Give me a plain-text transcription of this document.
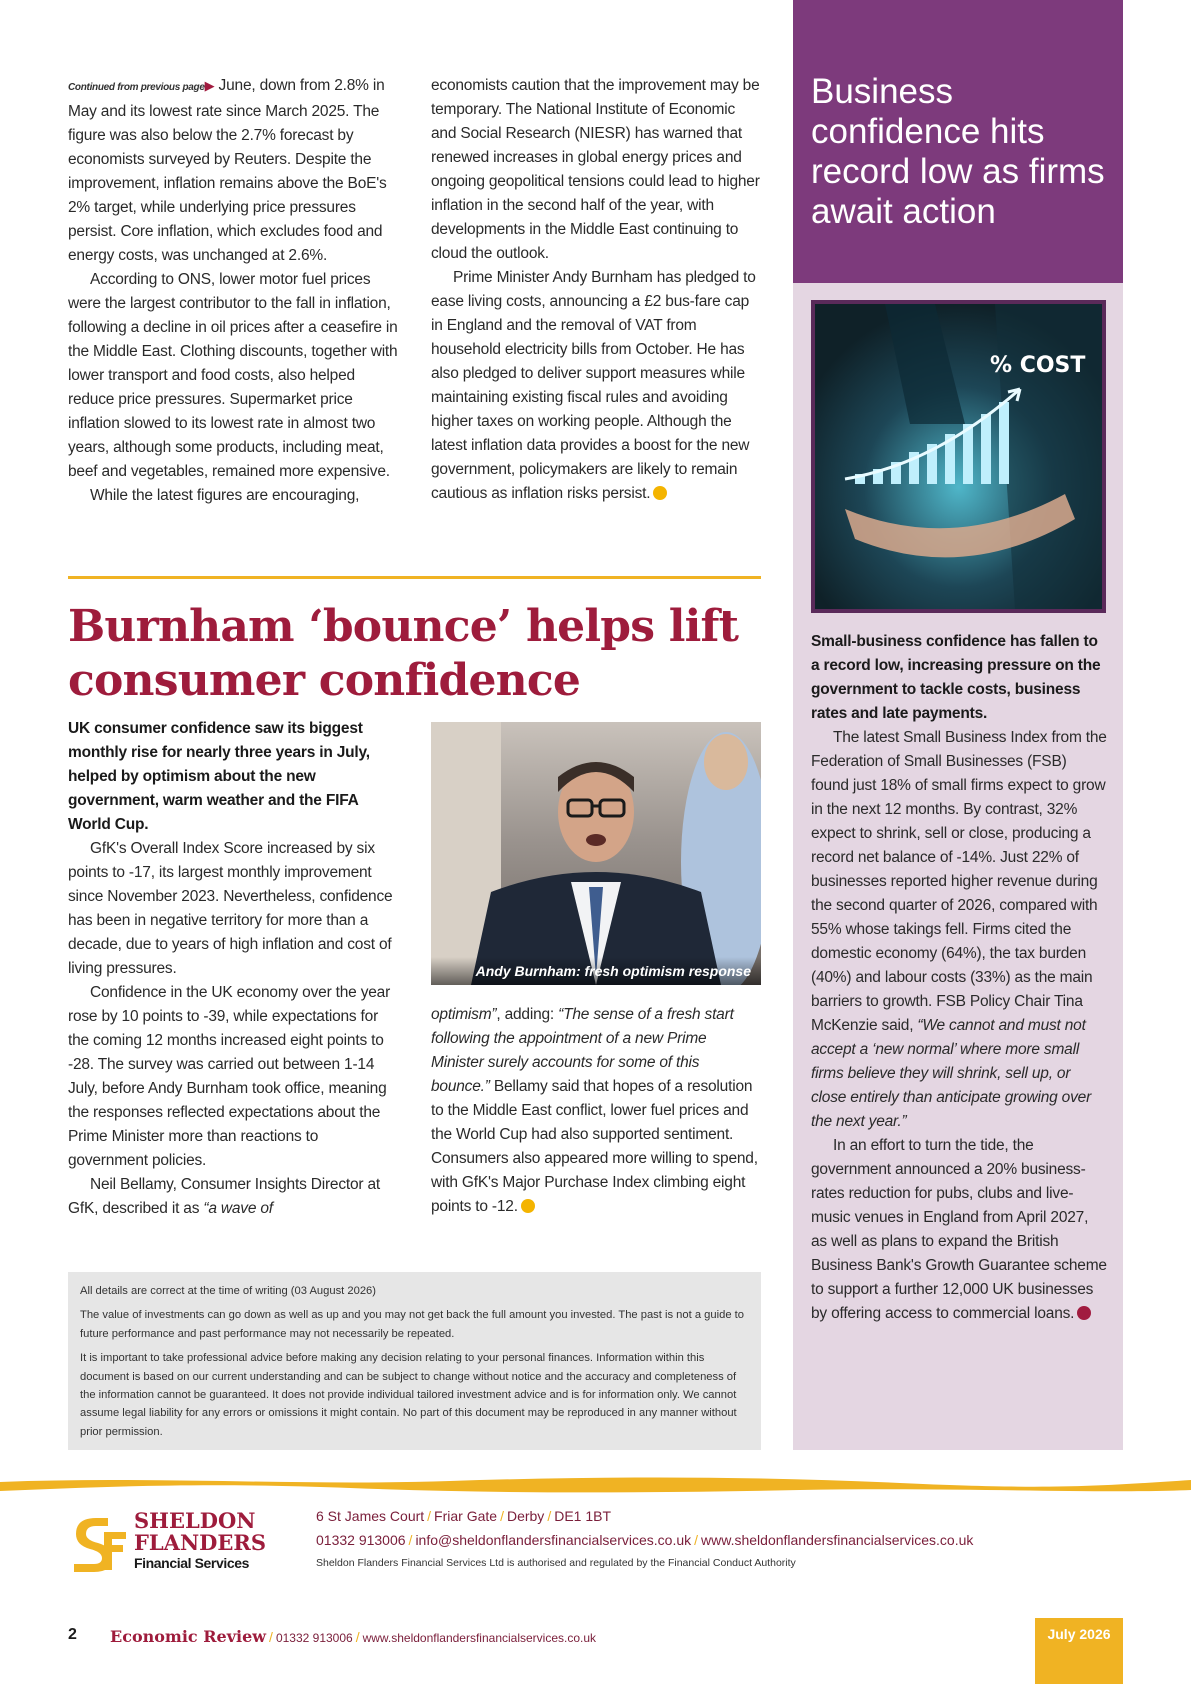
Business confidence hits record low as firms await action
% COST

Small-business confidence has fallen to a record low, increasing pressure on the government to tackle costs, business rates and late payments.

The latest Small Business Index from the Federation of Small Businesses (FSB) found just 18% of small firms expect to grow in the next 12 months. By contrast, 32% expect to shrink, sell or close, producing a record net balance of -14%. Just 22% of businesses reported higher revenue during the second quarter of 2026, compared with 55% whose takings fell. Firms cited the domestic economy (64%), the tax burden (40%) and labour costs (33%) as the main barriers to growth. FSB Policy Chair Tina McKenzie said, “We cannot and must not accept a ‘new normal’ where more small firms believe they will shrink, sell up, or close entirely than anticipate growing over the next year.”

In an effort to turn the tide, the government announced a 20% business-rates reduction for pubs, clubs and live-music venues in England from April 2027, as well as plans to expand the British Business Bank's Growth Guarantee scheme to support a further 12,000 UK businesses by offering access to commercial loans.

Continued from previous page▶ June, down from 2.8% in May and its lowest rate since March 2025. The figure was also below the 2.7% forecast by economists surveyed by Reuters. Despite the improvement, inflation remains above the BoE's 2% target, while underlying price pressures persist. Core inflation, which excludes food and energy costs, was unchanged at 2.6%.

According to ONS, lower motor fuel prices were the largest contributor to the fall in inflation, following a decline in oil prices after a ceasefire in the Middle East. Clothing discounts, together with lower transport and food costs, also helped reduce price pressures. Supermarket price inflation slowed to its lowest rate in almost two years, although some products, including meat, beef and vegetables, remained more expensive.

While the latest figures are encouraging,

economists caution that the improvement may be temporary. The National Institute of Economic and Social Research (NIESR) has warned that renewed increases in global energy prices and ongoing geopolitical tensions could lead to higher inflation in the second half of the year, with developments in the Middle East continuing to cloud the outlook.

Prime Minister Andy Burnham has pledged to ease living costs, announcing a £2 bus-fare cap in England and the removal of VAT from household electricity bills from October. He has also pledged to deliver support measures while maintaining existing fiscal rules and avoiding higher taxes on working people. Although the latest inflation data provides a boost for the new government, policymakers are likely to remain cautious as inflation risks persist.

Burnham ‘bounce’ helps lift consumer confidence

UK consumer confidence saw its biggest monthly rise for nearly three years in July, helped by optimism about the new government, warm weather and the FIFA World Cup.

GfK's Overall Index Score increased by six points to -17, its largest monthly improvement since November 2023. Nevertheless, confidence has been in negative territory for more than a decade, due to years of high inflation and cost of living pressures.

Confidence in the UK economy over the year rose by 10 points to -39, while expectations for the coming 12 months increased eight points to -28. The survey was carried out between 1-14 July, before Andy Burnham took office, meaning the responses reflected expectations about the Prime Minister more than reactions to government policies.

Neil Bellamy, Consumer Insights Director at GfK, described it as “a wave of

Andy Burnham: fresh optimism response

optimism”, adding: “The sense of a fresh start following the appointment of a new Prime Minister surely accounts for some of this bounce.” Bellamy said that hopes of a resolution to the Middle East conflict, lower fuel prices and the World Cup had also supported sentiment. Consumers also appeared more willing to spend, with GfK's Major Purchase Index climbing eight points to -12.

All details are correct at the time of writing (03 August 2026)

The value of investments can go down as well as up and you may not get back the full amount you invested. The past is not a guide to future performance and past performance may not necessarily be repeated.

It is important to take professional advice before making any decision relating to your personal finances. Information within this document is based on our current understanding and can be subject to change without notice and the accuracy and completeness of the information cannot be guaranteed. It does not provide individual tailored investment advice and is for information only. We cannot assume legal liability for any errors or omissions it might contain. No part of this document may be reproduced in any manner without prior permission.

SHELDON
FLANDERS
Financial Services
6 St James Court / Friar Gate / Derby / DE1 1BT
01332 913006 / info@sheldonflandersfinancialservices.co.uk / www.sheldonflandersfinancialservices.co.uk
Sheldon Flanders Financial Services Ltd is authorised and regulated by the Financial Conduct Authority
2 Economic Review / 01332 913006 / www.sheldonflandersfinancialservices.co.uk	July 2026
